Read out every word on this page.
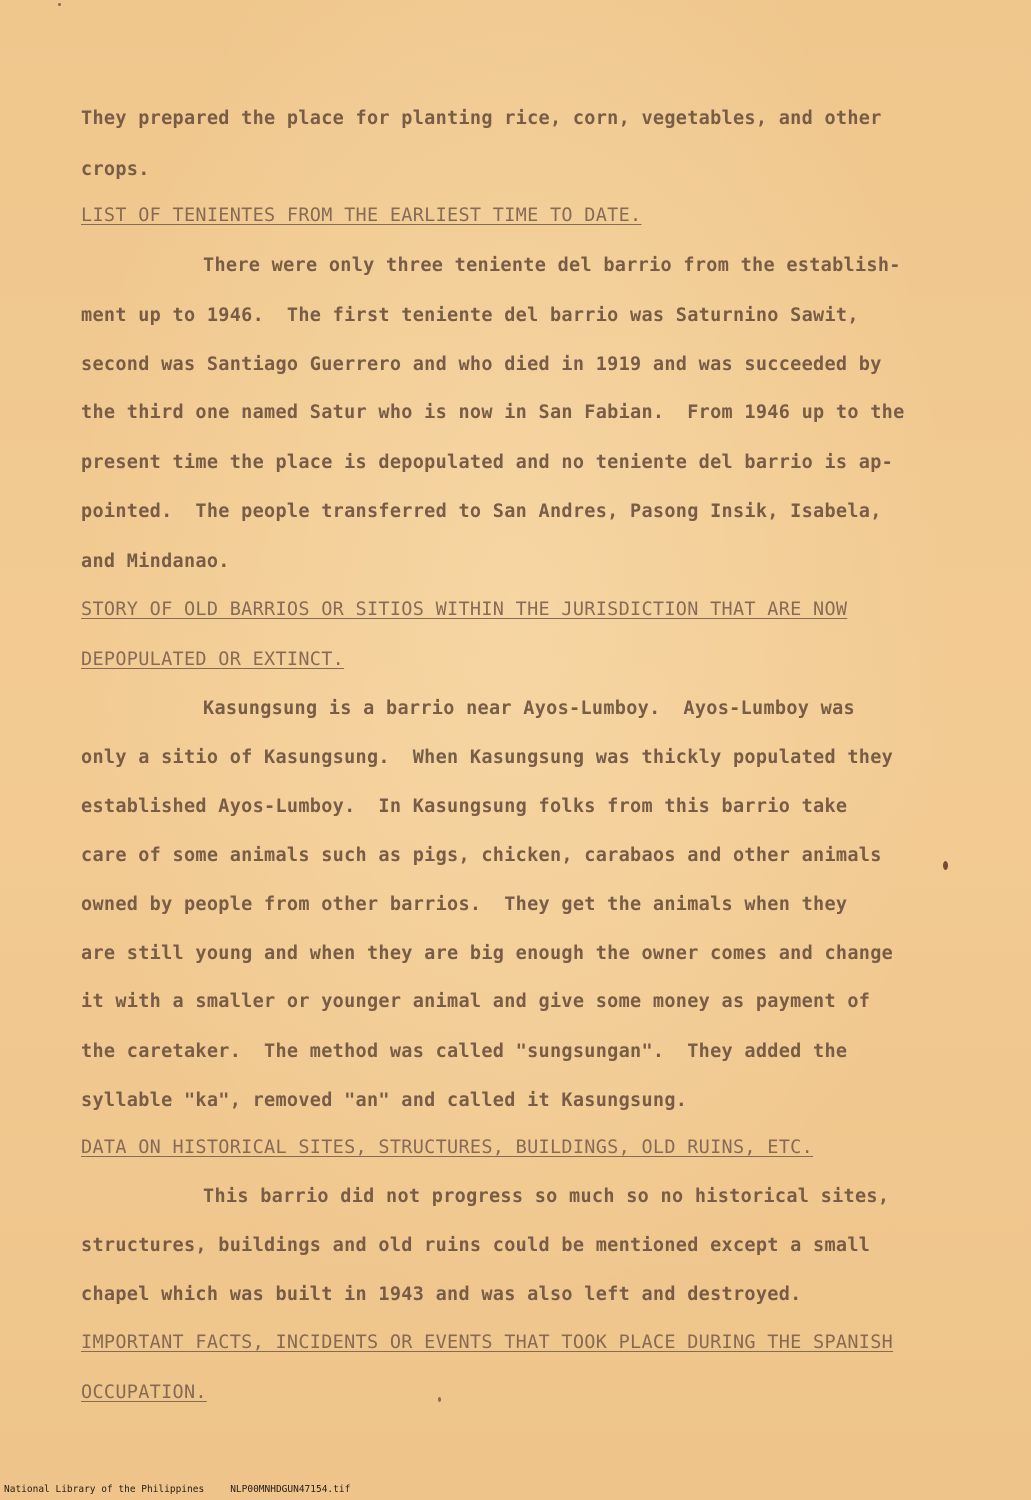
They prepared the place for planting rice, corn, vegetables, and other

crops.

LIST OF TENIENTES FROM THE EARLIEST TIME TO DATE.

There were only three teniente del barrio from the establish-

ment up to 1946.  The first teniente del barrio was Saturnino Sawit,

second was Santiago Guerrero and who died in 1919 and was succeeded by

the third one named Satur who is now in San Fabian.  From 1946 up to the

present time the place is depopulated and no teniente del barrio is ap-

pointed.  The people transferred to San Andres, Pasong Insik, Isabela,

and Mindanao.

STORY OF OLD BARRIOS OR SITIOS WITHIN THE JURISDICTION THAT ARE NOW

DEPOPULATED OR EXTINCT.

Kasungsung is a barrio near Ayos-Lumboy.  Ayos-Lumboy was

only a sitio of Kasungsung.  When Kasungsung was thickly populated they

established Ayos-Lumboy.  In Kasungsung folks from this barrio take

care of some animals such as pigs, chicken, carabaos and other animals

owned by people from other barrios.  They get the animals when they

are still young and when they are big enough the owner comes and change

it with a smaller or younger animal and give some money as payment of

the caretaker.  The method was called "sungsungan".  They added the

syllable "ka", removed "an" and called it Kasungsung.

DATA ON HISTORICAL SITES, STRUCTURES, BUILDINGS, OLD RUINS, ETC.

This barrio did not progress so much so no historical sites,

structures, buildings and old ruins could be mentioned except a small

chapel which was built in 1943 and was also left and destroyed.

IMPORTANT FACTS, INCIDENTS OR EVENTS THAT TOOK PLACE DURING THE SPANISH

OCCUPATION.

National Library of the Philippines	NLP00MNHDGUN47154.tif
